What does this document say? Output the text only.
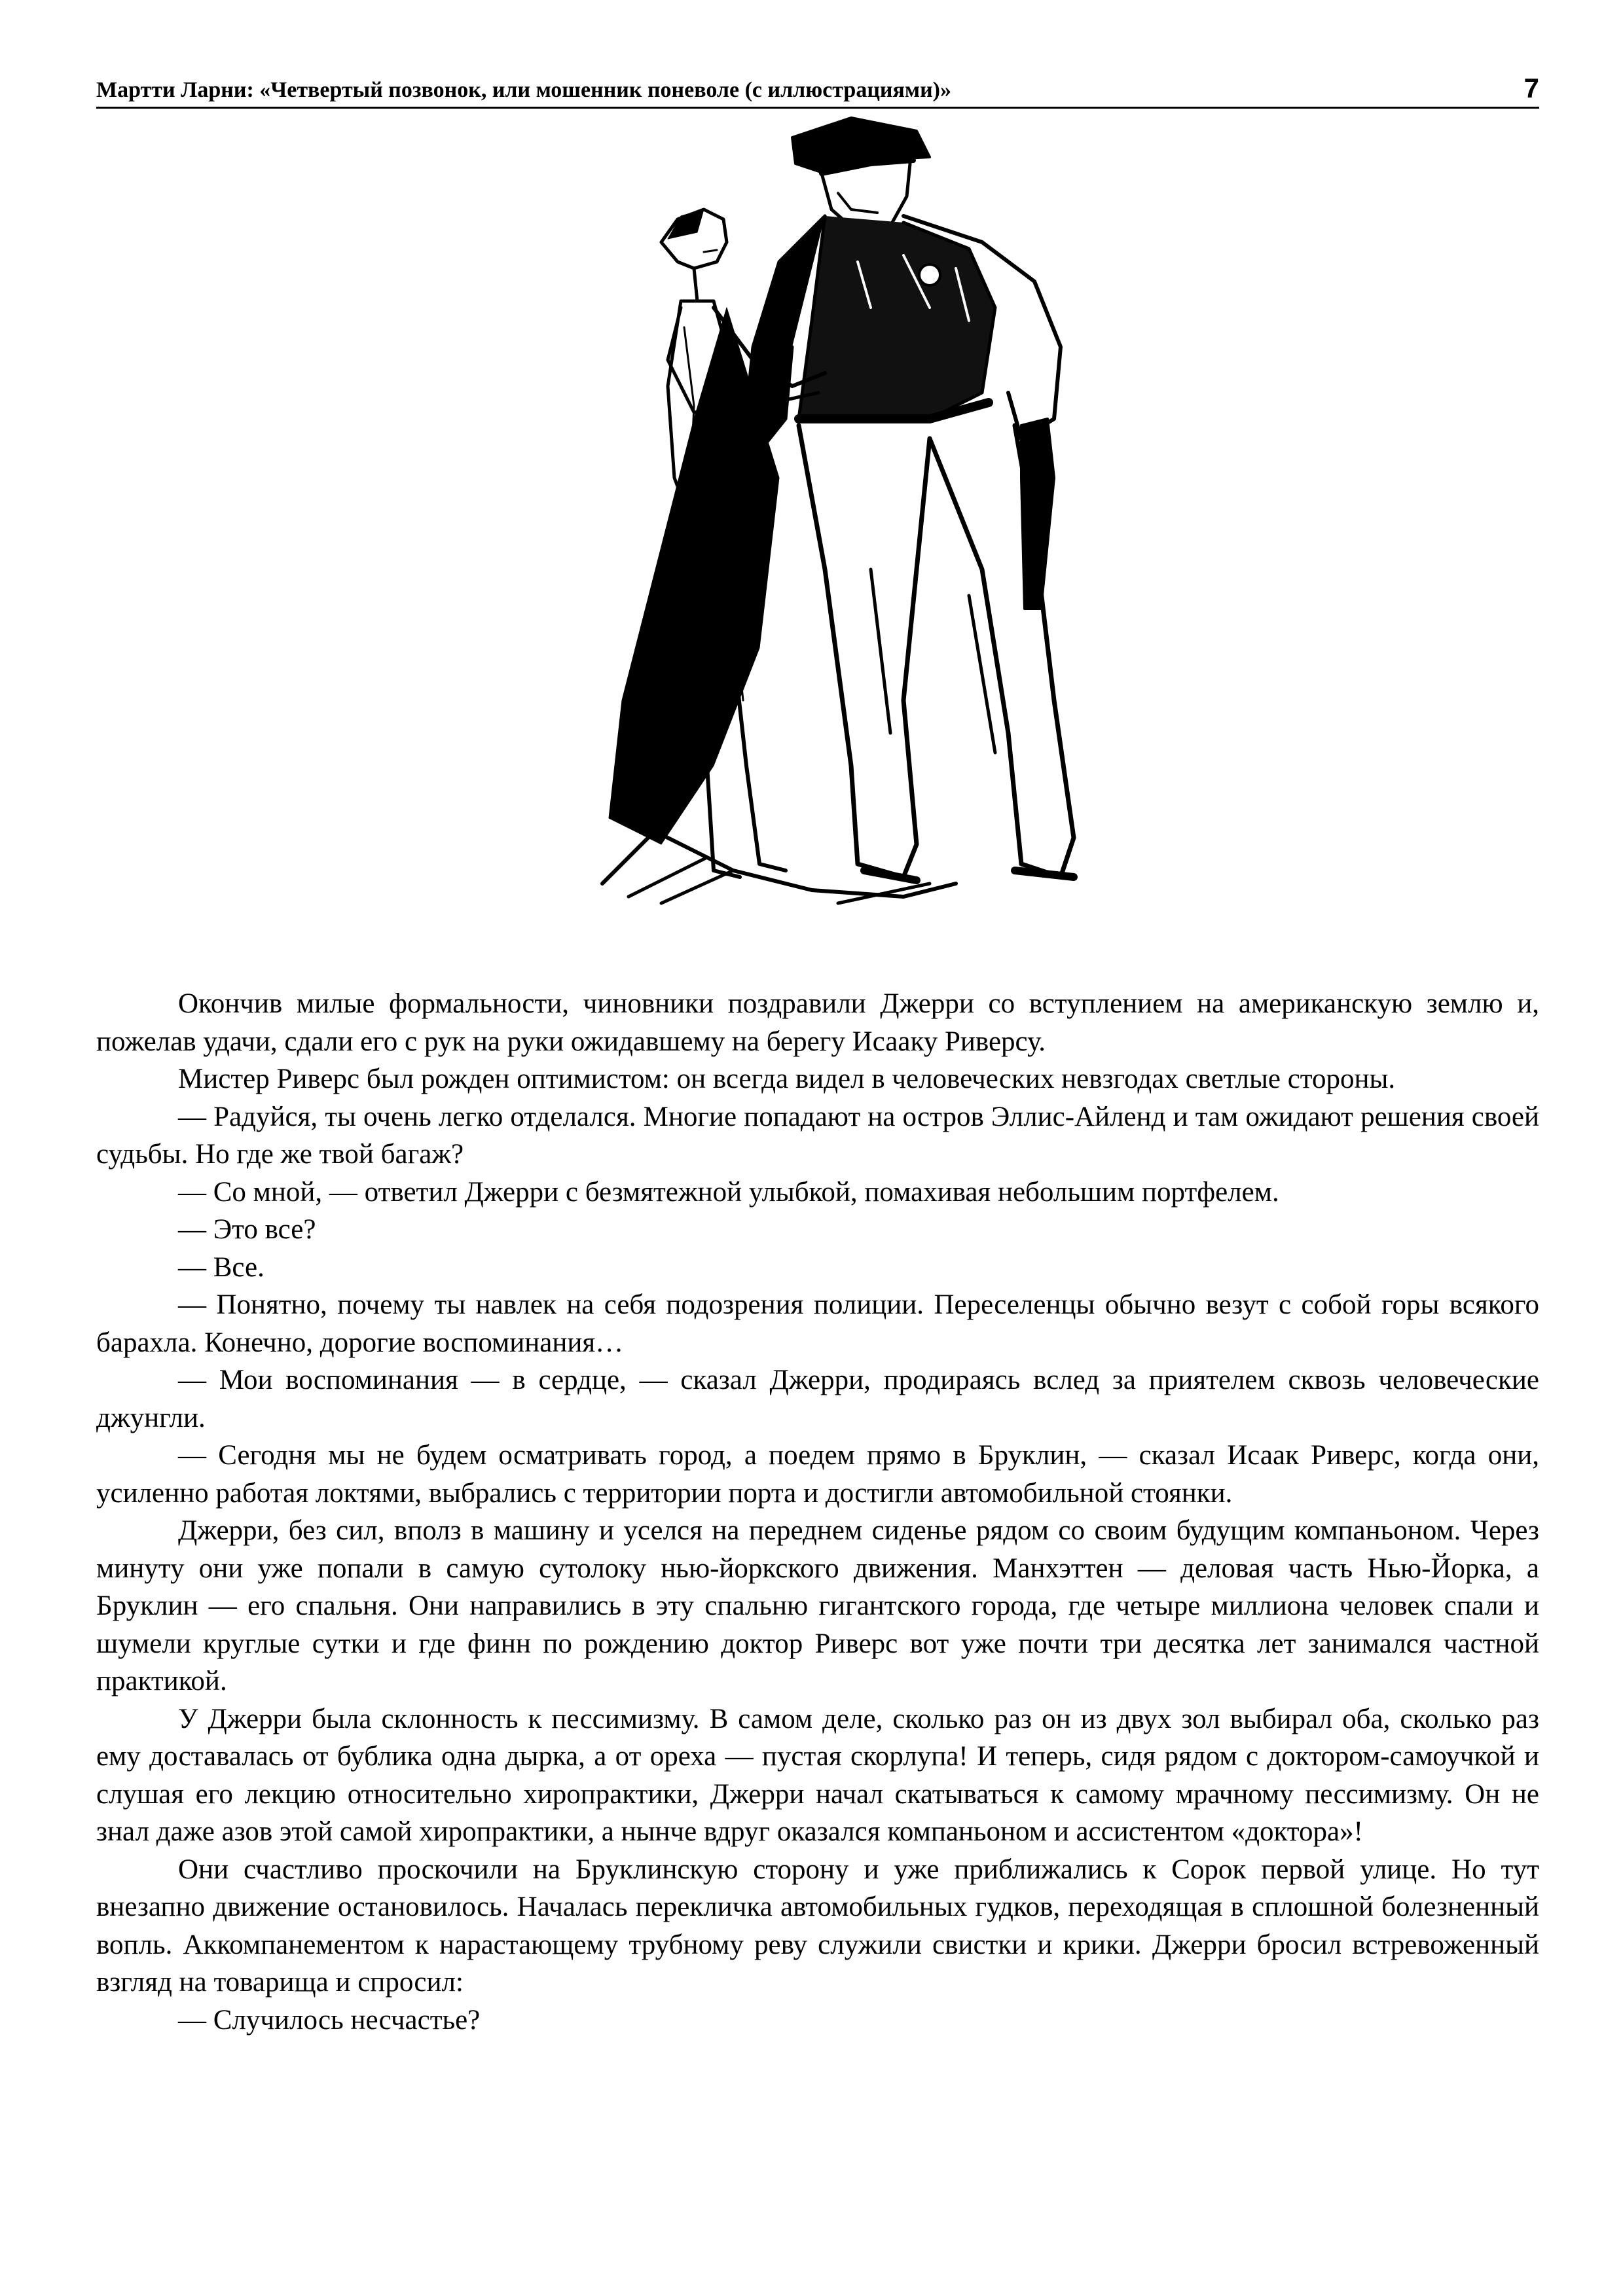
Мартти Ларни: «Четвертый позвонок, или мошенник поневоле (с иллюстрациями)»	7

Окончив милые формальности, чиновники поздравили Джерри со вступлением на американскую землю и, пожелав удачи, сдали его с рук на руки ожидавшему на берегу Исааку Риверсу.

Мистер Риверс был рожден оптимистом: он всегда видел в человеческих невзгодах светлые стороны.

— Радуйся, ты очень легко отделался. Многие попадают на остров Эллис-Айленд и там ожидают решения своей судьбы. Но где же твой багаж?

— Со мной, — ответил Джерри с безмятежной улыбкой, помахивая небольшим портфелем.

— Это все?

— Все.

— Понятно, почему ты навлек на себя подозрения полиции. Переселенцы обычно везут с собой горы всякого барахла. Конечно, дорогие воспоминания…

— Мои воспоминания — в сердце, — сказал Джерри, продираясь вслед за приятелем сквозь человеческие джунгли.

— Сегодня мы не будем осматривать город, а поедем прямо в Бруклин, — сказал Исаак Риверс, когда они, усиленно работая локтями, выбрались с территории порта и достигли автомобильной стоянки.

Джерри, без сил, вполз в машину и уселся на переднем сиденье рядом со своим будущим компаньоном. Через минуту они уже попали в самую сутолоку нью-йоркского движения. Манхэттен — деловая часть Нью-Йорка, а Бруклин — его спальня. Они направились в эту спальню гигантского города, где четыре миллиона человек спали и шумели круглые сутки и где финн по рождению доктор Риверс вот уже почти три десятка лет занимался частной практикой.

У Джерри была склонность к пессимизму. В самом деле, сколько раз он из двух зол выбирал оба, сколько раз ему доставалась от бублика одна дырка, а от ореха — пустая скорлупа! И теперь, сидя рядом с доктором-самоучкой и слушая его лекцию относительно хиропрактики, Джерри начал скатываться к самому мрачному пессимизму. Он не знал даже азов этой самой хиропрактики, а нынче вдруг оказался компаньоном и ассистентом «доктора»!

Они счастливо проскочили на Бруклинскую сторону и уже приближались к Сорок первой улице. Но тут внезапно движение остановилось. Началась перекличка автомобильных гудков, переходящая в сплошной болезненный вопль. Аккомпанементом к нарастающему трубному реву служили свистки и крики. Джерри бросил встревоженный взгляд на товарища и спросил:

— Случилось несчастье?
